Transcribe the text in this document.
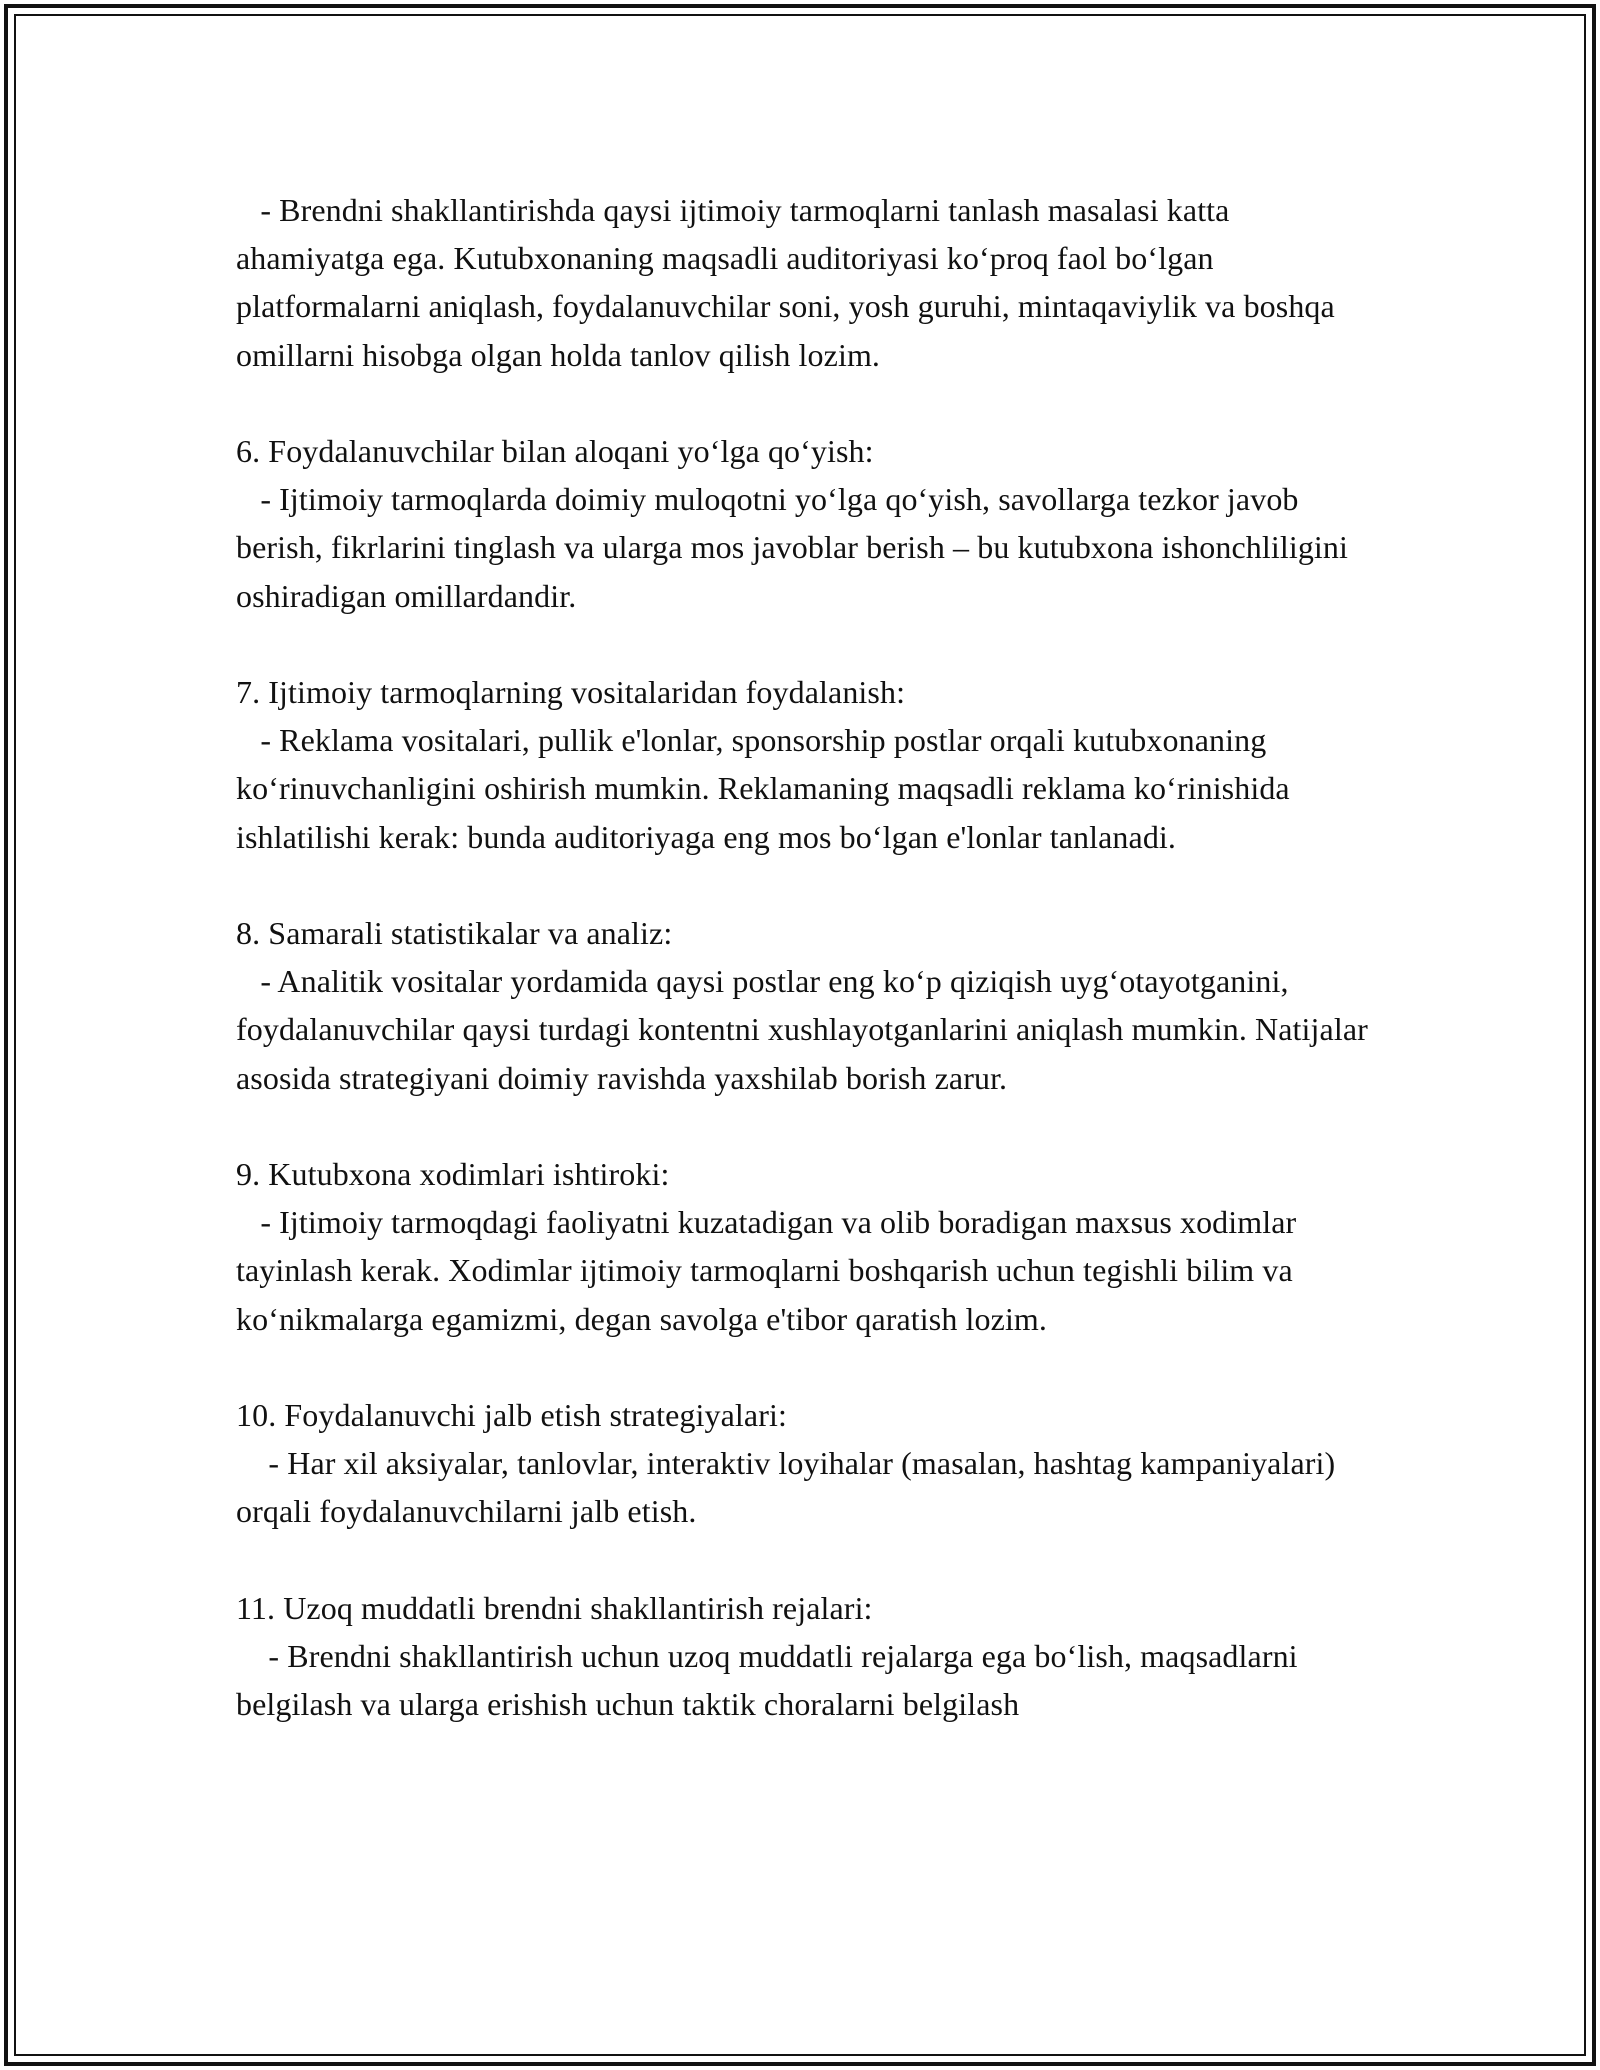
- Brendni shakllantirishda qaysi ijtimoiy tarmoqlarni tanlash masalasi katta ahamiyatga ega. Kutubxonaning maqsadli auditoriyasi ko‘proq faol bo‘lgan platformalarni aniqlash, foydalanuvchilar soni, yosh guruhi, mintaqaviylik va boshqa omillarni hisobga olgan holda tanlov qilish lozim.

6. Foydalanuvchilar bilan aloqani yo‘lga qo‘yish:

- Ijtimoiy tarmoqlarda doimiy muloqotni yo‘lga qo‘yish, savollarga tezkor javob berish, fikrlarini tinglash va ularga mos javoblar berish – bu kutubxona ishonchliligini oshiradigan omillardandir.

7. Ijtimoiy tarmoqlarning vositalaridan foydalanish:

- Reklama vositalari, pullik e'lonlar, sponsorship postlar orqali kutubxonaning ko‘rinuvchanligini oshirish mumkin. Reklamaning maqsadli reklama ko‘rinishida ishlatilishi kerak: bunda auditoriyaga eng mos bo‘lgan e'lonlar tanlanadi.

8. Samarali statistikalar va analiz:

- Analitik vositalar yordamida qaysi postlar eng ko‘p qiziqish uyg‘otayotganini, foydalanuvchilar qaysi turdagi kontentni xushlayotganlarini aniqlash mumkin. Natijalar asosida strategiyani doimiy ravishda yaxshilab borish zarur.

9. Kutubxona xodimlari ishtiroki:

- Ijtimoiy tarmoqdagi faoliyatni kuzatadigan va olib boradigan maxsus xodimlar tayinlash kerak. Xodimlar ijtimoiy tarmoqlarni boshqarish uchun tegishli bilim va ko‘nikmalarga egamizmi, degan savolga e'tibor qaratish lozim.

10. Foydalanuvchi jalb etish strategiyalari:

- Har xil aksiyalar, tanlovlar, interaktiv loyihalar (masalan, hashtag kampaniyalari) orqali foydalanuvchilarni jalb etish.

11. Uzoq muddatli brendni shakllantirish rejalari:

- Brendni shakllantirish uchun uzoq muddatli rejalarga ega bo‘lish, maqsadlarni belgilash va ularga erishish uchun taktik choralarni belgilash
